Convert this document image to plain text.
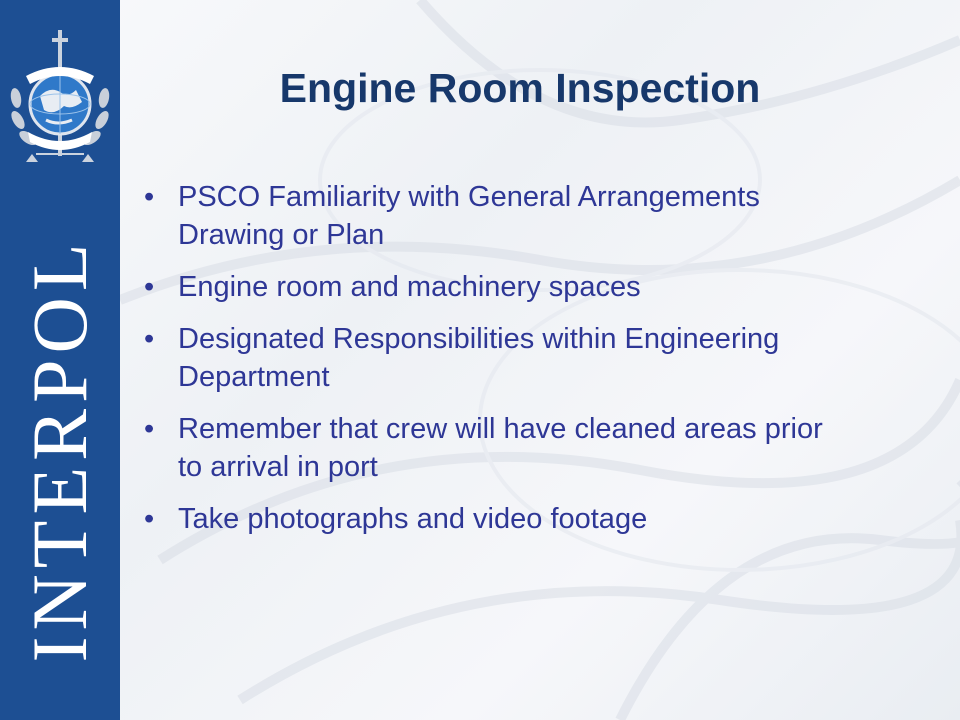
INTERPOL
Engine Room Inspection
• PSCO Familiarity with General Arrangements Drawing or Plan
• Engine room and machinery spaces
• Designated Responsibilities within Engineering Department
• Remember that crew will have cleaned areas prior to arrival in port
• Take photographs and video footage
